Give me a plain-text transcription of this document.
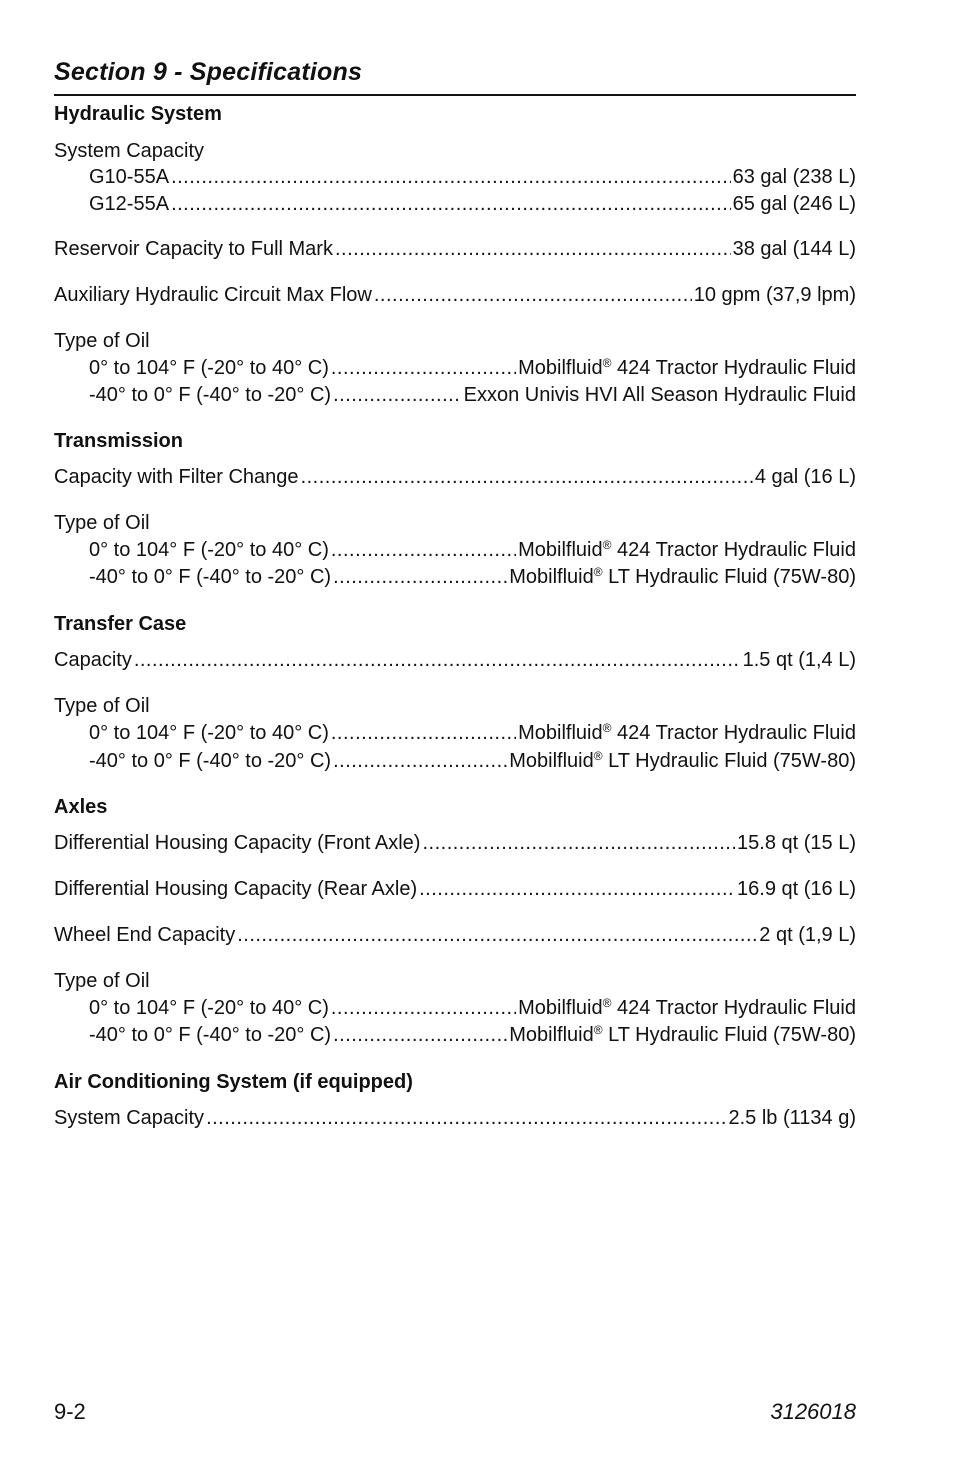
Section 9 - Specifications
Hydraulic System
System Capacity
G10-55A .....	63 gal (238 L)
G12-55A .....	65 gal (246 L)
Reservoir Capacity to Full Mark .....	38 gal (144 L)
Auxiliary Hydraulic Circuit Max Flow .....	10 gpm (37,9 lpm)
Type of Oil
0° to 104° F (-20° to 40° C) .....	Mobilfluid® 424 Tractor Hydraulic Fluid
-40° to 0° F (-40° to -20° C) .....	Exxon Univis HVI All Season Hydraulic Fluid
Transmission
Capacity with Filter Change .....	4 gal (16 L)
Type of Oil
0° to 104° F (-20° to 40° C) .....	Mobilfluid® 424 Tractor Hydraulic Fluid
-40° to 0° F (-40° to -20° C) .....	Mobilfluid® LT Hydraulic Fluid (75W-80)
Transfer Case
Capacity .....	1.5 qt (1,4 L)
Type of Oil
0° to 104° F (-20° to 40° C) .....	Mobilfluid® 424 Tractor Hydraulic Fluid
-40° to 0° F (-40° to -20° C) .....	Mobilfluid® LT Hydraulic Fluid (75W-80)
Axles
Differential Housing Capacity (Front Axle) .....	15.8 qt (15 L)
Differential Housing Capacity (Rear Axle) .....	16.9 qt (16 L)
Wheel End Capacity .....	2 qt (1,9 L)
Type of Oil
0° to 104° F (-20° to 40° C) .....	Mobilfluid® 424 Tractor Hydraulic Fluid
-40° to 0° F (-40° to -20° C) .....	Mobilfluid® LT Hydraulic Fluid (75W-80)
Air Conditioning System (if equipped)
System Capacity .....	2.5 lb (1134 g)
9-2	3126018
